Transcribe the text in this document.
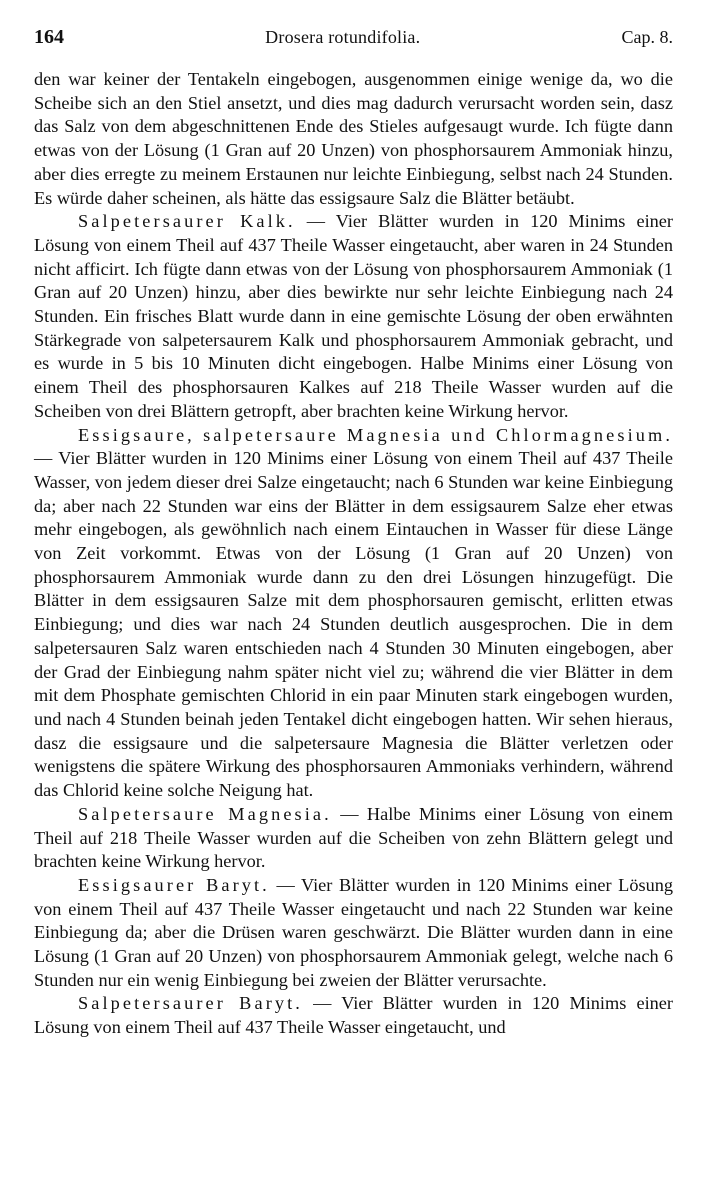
164	Drosera rotundifolia.	Cap. 8.

den war keiner der Tentakeln eingebogen, ausgenommen einige wenige da, wo die Scheibe sich an den Stiel ansetzt, und dies mag dadurch verursacht worden sein, dasz das Salz von dem abgeschnittenen Ende des Stieles aufgesaugt wurde. Ich fügte dann etwas von der Lösung (1 Gran auf 20 Unzen) von phosphorsaurem Ammoniak hinzu, aber dies erregte zu meinem Erstaunen nur leichte Einbiegung, selbst nach 24 Stunden. Es würde daher scheinen, als hätte das essigsaure Salz die Blätter betäubt.

Salpetersaurer Kalk. — Vier Blätter wurden in 120 Minims einer Lösung von einem Theil auf 437 Theile Wasser eingetaucht, aber waren in 24 Stunden nicht afficirt. Ich fügte dann etwas von der Lösung von phosphorsaurem Ammoniak (1 Gran auf 20 Unzen) hinzu, aber dies bewirkte nur sehr leichte Einbiegung nach 24 Stunden. Ein frisches Blatt wurde dann in eine gemischte Lösung der oben erwähnten Stärkegrade von salpetersaurem Kalk und phosphorsaurem Ammoniak gebracht, und es wurde in 5 bis 10 Minuten dicht eingebogen. Halbe Minims einer Lösung von einem Theil des phosphorsauren Kalkes auf 218 Theile Wasser wurden auf die Scheiben von drei Blättern getropft, aber brachten keine Wirkung hervor.

Essigsaure, salpetersaure Magnesia und Chlormagnesium. — Vier Blätter wurden in 120 Minims einer Lösung von einem Theil auf 437 Theile Wasser, von jedem dieser drei Salze eingetaucht; nach 6 Stunden war keine Einbiegung da; aber nach 22 Stunden war eins der Blätter in dem essigsaurem Salze eher etwas mehr eingebogen, als gewöhnlich nach einem Eintauchen in Wasser für diese Länge von Zeit vorkommt. Etwas von der Lösung (1 Gran auf 20 Unzen) von phosphorsaurem Ammoniak wurde dann zu den drei Lösungen hinzugefügt. Die Blätter in dem essigsauren Salze mit dem phosphorsauren gemischt, erlitten etwas Einbiegung; und dies war nach 24 Stunden deutlich ausgesprochen. Die in dem salpetersauren Salz waren entschieden nach 4 Stunden 30 Minuten eingebogen, aber der Grad der Einbiegung nahm später nicht viel zu; während die vier Blätter in dem mit dem Phosphate gemischten Chlorid in ein paar Minuten stark eingebogen wurden, und nach 4 Stunden beinah jeden Tentakel dicht eingebogen hatten. Wir sehen hieraus, dasz die essigsaure und die salpetersaure Magnesia die Blätter verletzen oder wenigstens die spätere Wirkung des phosphorsauren Ammoniaks verhindern, während das Chlorid keine solche Neigung hat.

Salpetersaure Magnesia. — Halbe Minims einer Lösung von einem Theil auf 218 Theile Wasser wurden auf die Scheiben von zehn Blättern gelegt und brachten keine Wirkung hervor.

Essigsaurer Baryt. — Vier Blätter wurden in 120 Minims einer Lösung von einem Theil auf 437 Theile Wasser eingetaucht und nach 22 Stunden war keine Einbiegung da; aber die Drüsen waren geschwärzt. Die Blätter wurden dann in eine Lösung (1 Gran auf 20 Unzen) von phosphorsaurem Ammoniak gelegt, welche nach 6 Stunden nur ein wenig Einbiegung bei zweien der Blätter verursachte.

Salpetersaurer Baryt. — Vier Blätter wurden in 120 Minims einer Lösung von einem Theil auf 437 Theile Wasser eingetaucht, und
